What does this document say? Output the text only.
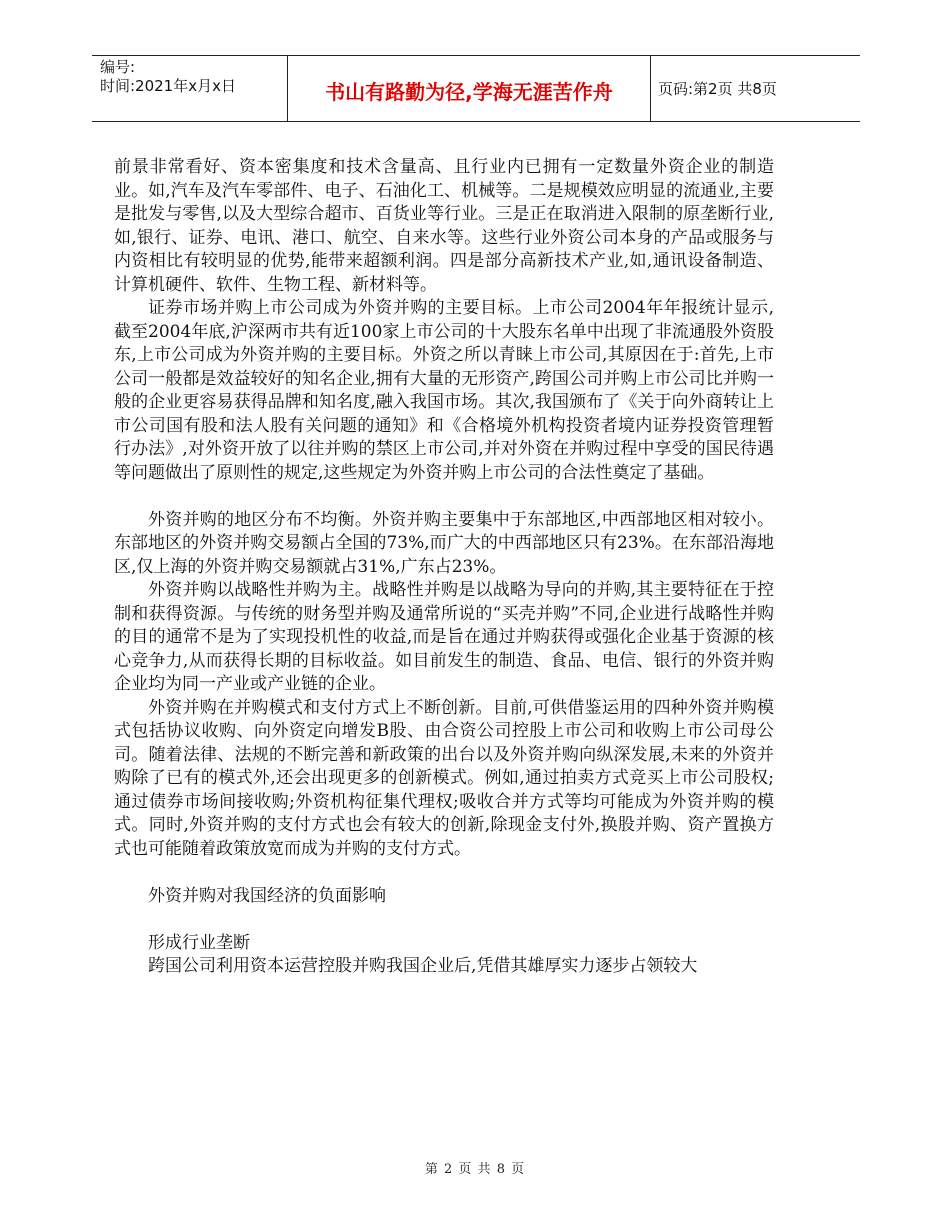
编号:
时间:2021年x月x日	书山有路勤为径,学海无涯苦作舟	页码:第2页 共8页

前景非常看好、资本密集度和技术含量高、且行业内已拥有一定数量外资企业的制造业。如,汽车及汽车零部件、电子、石油化工、机械等。二是规模效应明显的流通业,主要是批发与零售,以及大型综合超市、百货业等行业。三是正在取消进入限制的原垄断行业,如,银行、证券、电讯、港口、航空、自来水等。这些行业外资公司本身的产品或服务与内资相比有较明显的优势,能带来超额利润。四是部分高新技术产业,如,通讯设备制造、计算机硬件、软件、生物工程、新材料等。

证券市场并购上市公司成为外资并购的主要目标。上市公司2004年年报统计显示,截至2004年底,沪深两市共有近100家上市公司的十大股东名单中出现了非流通股外资股东,上市公司成为外资并购的主要目标。外资之所以青睐上市公司,其原因在于:首先,上市公司一般都是效益较好的知名企业,拥有大量的无形资产,跨国公司并购上市公司比并购一般的企业更容易获得品牌和知名度,融入我国市场。其次,我国颁布了《关于向外商转让上市公司国有股和法人股有关问题的通知》和《合格境外机构投资者境内证券投资管理暂行办法》,对外资开放了以往并购的禁区上市公司,并对外资在并购过程中享受的国民待遇等问题做出了原则性的规定,这些规定为外资并购上市公司的合法性奠定了基础。

外资并购的地区分布不均衡。外资并购主要集中于东部地区,中西部地区相对较小。东部地区的外资并购交易额占全国的73%,而广大的中西部地区只有23%。在东部沿海地区,仅上海的外资并购交易额就占31%,广东占23%。

外资并购以战略性并购为主。战略性并购是以战略为导向的并购,其主要特征在于控制和获得资源。与传统的财务型并购及通常所说的“买壳并购”不同,企业进行战略性并购的目的通常不是为了实现投机性的收益,而是旨在通过并购获得或强化企业基于资源的核心竞争力,从而获得长期的目标收益。如目前发生的制造、食品、电信、银行的外资并购企业均为同一产业或产业链的企业。

外资并购在并购模式和支付方式上不断创新。目前,可供借鉴运用的四种外资并购模式包括协议收购、向外资定向增发B股、由合资公司控股上市公司和收购上市公司母公司。随着法律、法规的不断完善和新政策的出台以及外资并购向纵深发展,未来的外资并购除了已有的模式外,还会出现更多的创新模式。例如,通过拍卖方式竞买上市公司股权;通过债券市场间接收购;外资机构征集代理权;吸收合并方式等均可能成为外资并购的模式。同时,外资并购的支付方式也会有较大的创新,除现金支付外,换股并购、资产置换方式也可能随着政策放宽而成为并购的支付方式。

外资并购对我国经济的负面影响

形成行业垄断

跨国公司利用资本运营控股并购我国企业后,凭借其雄厚实力逐步占领较大

第 2 页 共 8 页
